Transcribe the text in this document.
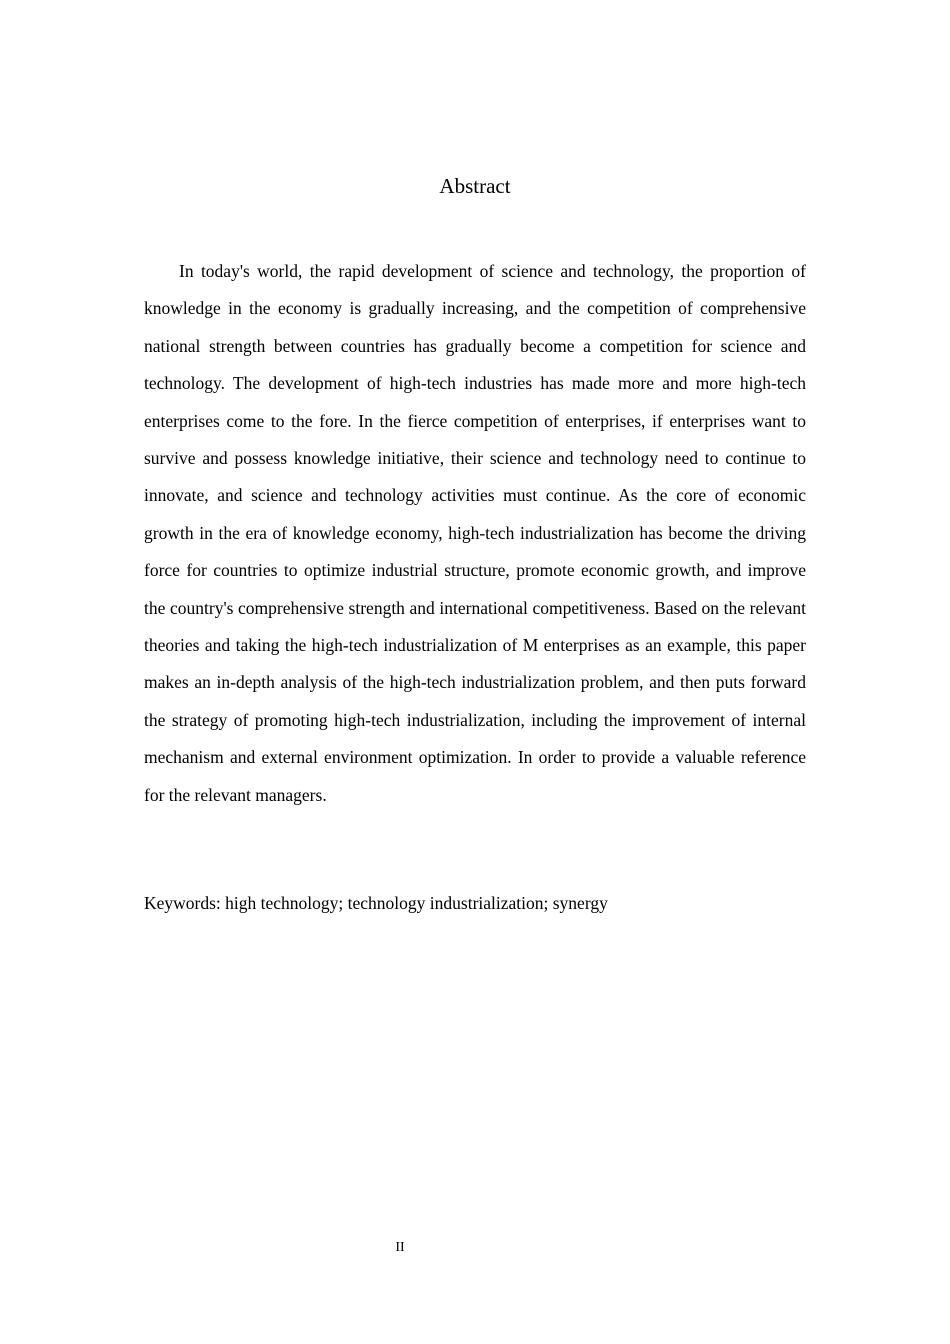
Abstract

In today's world, the rapid development of science and technology, the proportion of knowledge in the economy is gradually increasing, and the competition of comprehensive national strength between countries has gradually become a competition for science and technology. The development of high-tech industries has made more and more high-tech enterprises come to the fore. In the fierce competition of enterprises, if enterprises want to survive and possess knowledge initiative, their science and technology need to continue to innovate, and science and technology activities must continue. As the core of economic growth in the era of knowledge economy, high-tech industrialization has become the driving force for countries to optimize industrial structure, promote economic growth, and improve the country's comprehensive strength and international competitiveness. Based on the relevant theories and taking the high-tech industrialization of M enterprises as an example, this paper makes an in-depth analysis of the high-tech industrialization problem, and then puts forward the strategy of promoting high-tech industrialization, including the improvement of internal mechanism and external environment optimization. In order to provide a valuable reference for the relevant managers.

Keywords: high technology; technology industrialization; synergy

II
